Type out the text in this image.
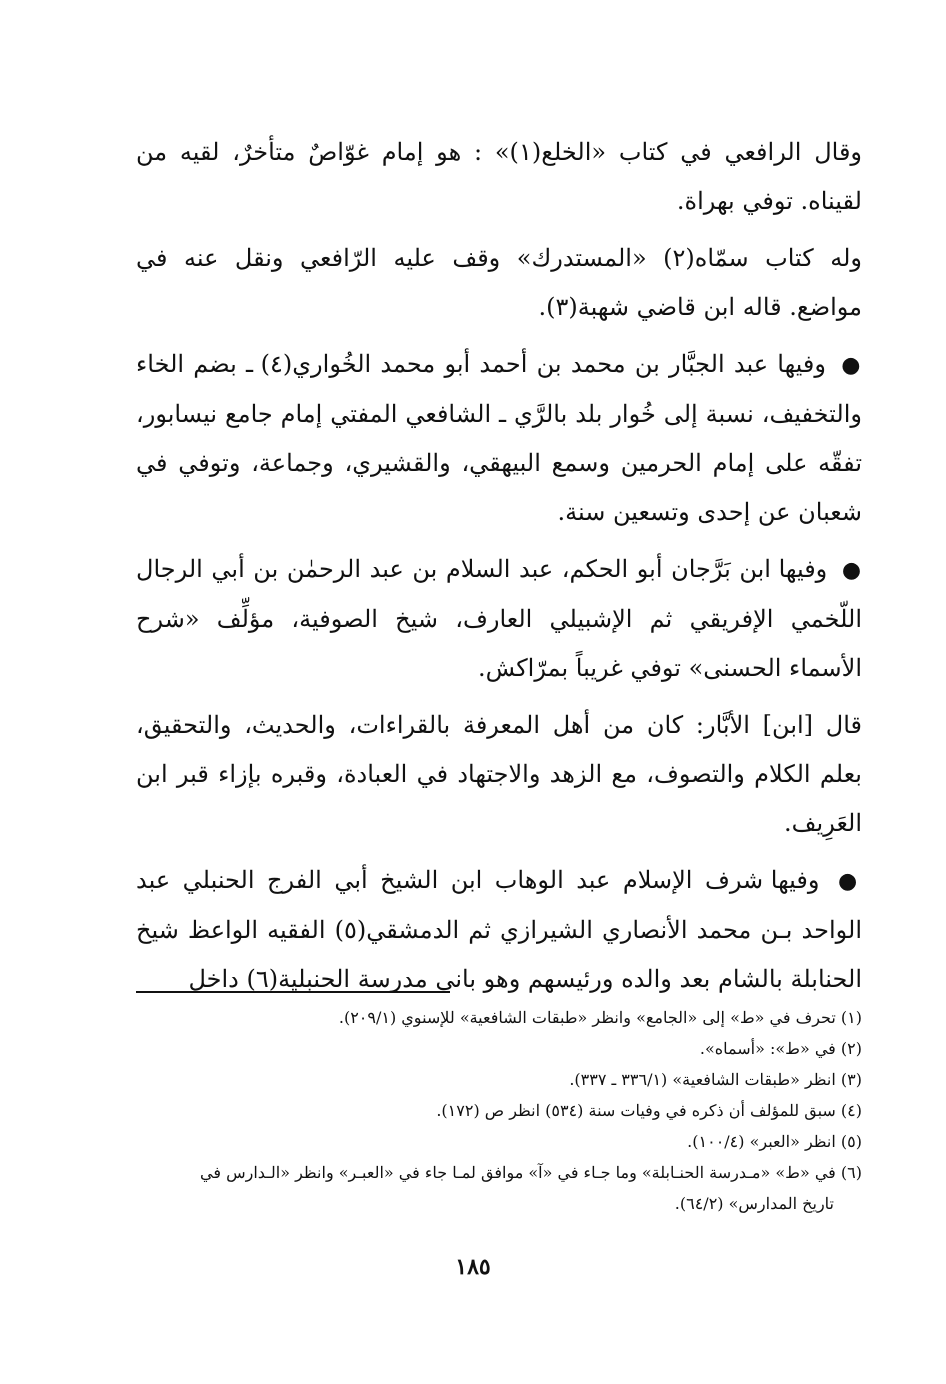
وقال الرافعي في كتاب «الخلع(١)» : هو إمام غوّاصٌ متأخرٌ، لقيه من لقيناه. توفي بهراة.

وله كتاب سمّاه(٢) «المستدرك» وقف عليه الرّافعي ونقل عنه في مواضع. قاله ابن قاضي شهبة(٣).

● وفيها عبد الجبَّار بن محمد بن أحمد أبو محمد الخُواري(٤) ـ بضم الخاء والتخفيف، نسبة إلى خُوار بلد بالرَّي ـ الشافعي المفتي إمام جامع نيسابور، تفقّه على إمام الحرمين وسمع البيهقي، والقشيري، وجماعة، وتوفي في شعبان عن إحدى وتسعين سنة.

● وفيها ابن بَرَّجان أبو الحكم، عبد السلام بن عبد الرحمٰن بن أبي الرجال اللّخمي الإفريقي ثم الإشبيلي العارف، شيخ الصوفية، مؤلِّف «شرح الأسماء الحسنى» توفي غريباً بمرّاكش.

قال [ابن] الأبَّار: كان من أهل المعرفة بالقراءات، والحديث، والتحقيق، بعلم الكلام والتصوف، مع الزهد والاجتهاد في العبادة، وقبره بإزاء قبر ابن العَرِيف.

● وفيها شرف الإسلام عبد الوهاب ابن الشيخ أبي الفرج الحنبلي عبد الواحد بـن محمد الأنصاري الشيرازي ثم الدمشقي(٥) الفقيه الواعظ شيخ الحنابلة بالشام بعد والده ورئيسهم وهو باني مدرسة الحنبلية(٦) داخل

(١) تحرف في «ط» إلى «الجامع» وانظر «طبقات الشافعية» للإسنوي (٢٠٩/١).

(٢) في «ط»: «أسماه».

(٣) انظر «طبقات الشافعية» (٣٣٦/١ ـ ٣٣٧).

(٤) سبق للمؤلف أن ذكره في وفيات سنة (٥٣٤) انظر ص (١٧٢).

(٥) انظر «العبر» (١٠٠/٤).

(٦) في «ط» «مـدرسة الحنـابلة» وما جـاء في «آ» موافق لمـا جاء في «العبـر» وانظر «الـدارس في

تاريخ المدارس» (٦٤/٢).

١٨٥
